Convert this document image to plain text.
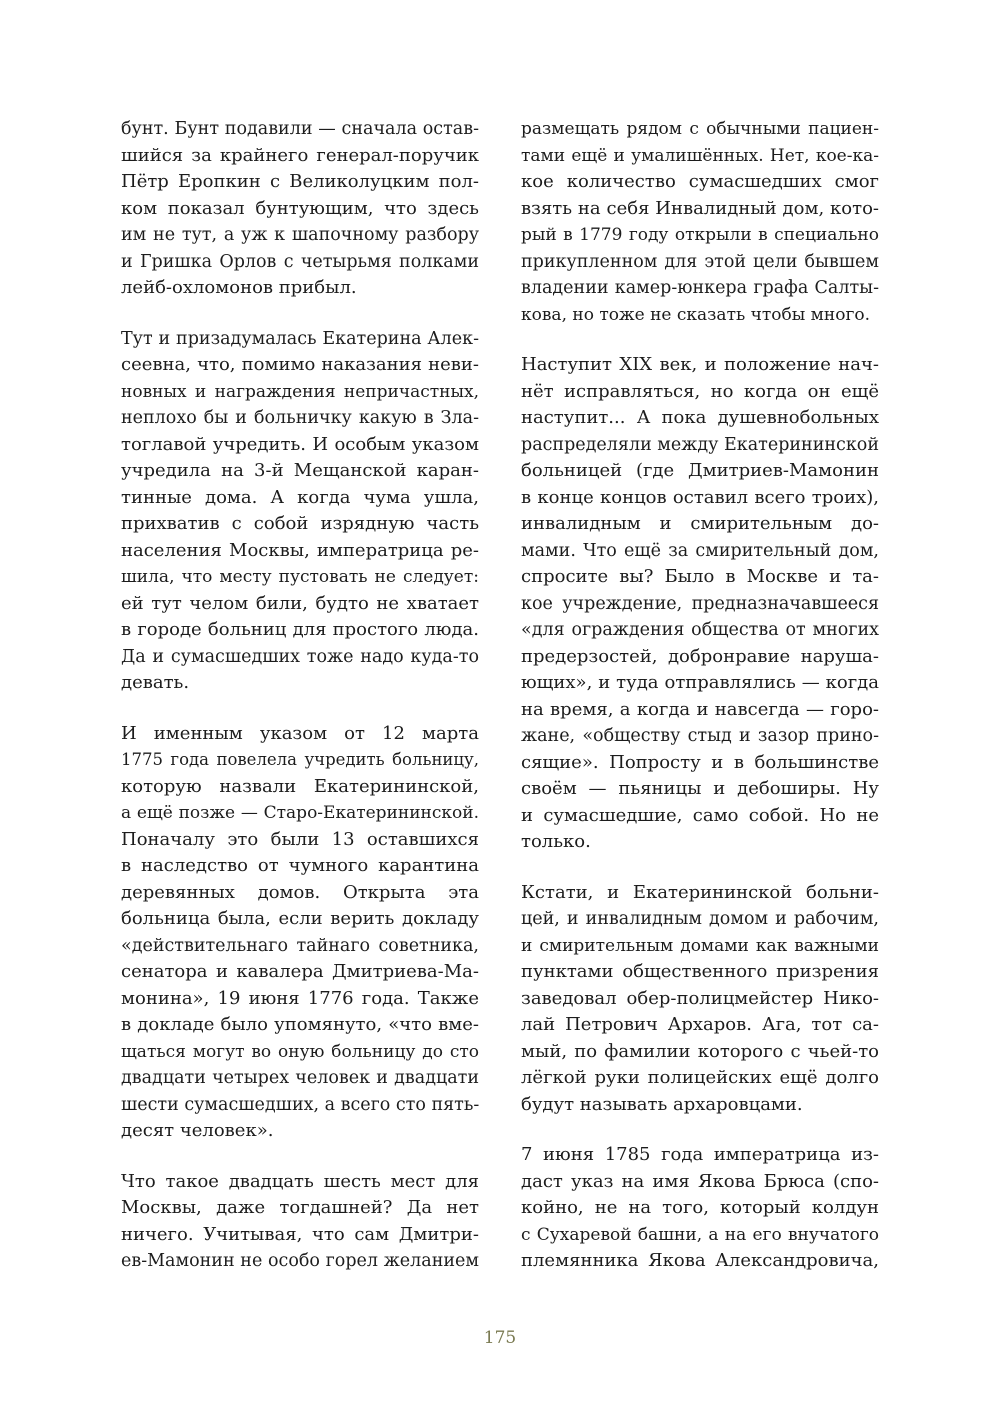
бунт. Бунт подавили — сначала остав-
шийся за крайнего генерал-поручик
Пётр Еропкин с Великолуцким пол-
ком показал бунтующим, что здесь
им не тут, а уж к шапочному разбору
и Гришка Орлов с четырьмя полками
лейб-охломонов прибыл.
Тут и призадумалась Екатерина Алек-
сеевна, что, помимо наказания неви-
новных и награждения непричастных,
неплохо бы и больничку какую в Зла-
тоглавой учредить. И особым указом
учредила на 3-й Мещанской каран-
тинные дома. А когда чума ушла,
прихватив с собой изрядную часть
населения Москвы, императрица ре-
шила, что месту пустовать не следует:
ей тут челом били, будто не хватает
в городе больниц для простого люда.
Да и сумасшедших тоже надо куда-то
девать.
И именным указом от 12 марта
1775 года повелела учредить больницу,
которую назвали Екатерининской,
а ещё позже — Старо-Екатерининской.
Поначалу это были 13 оставшихся
в наследство от чумного карантина
деревянных домов. Открыта эта
больница была, если верить докладу
«действительнаго тайнаго советника,
сенатора и кавалера Дмитриева-Ма-
монина», 19 июня 1776 года. Также
в докладе было упомянуто, «что вме-
щаться могут во оную больницу до сто
двадцати четырех человек и двадцати
шести сумасшедших, а всего сто пять-
десят человек».
Что такое двадцать шесть мест для
Москвы, даже тогдашней? Да нет
ничего. Учитывая, что сам Дмитри-
ев-Мамонин не особо горел желанием
размещать рядом с обычными пациен-
тами ещё и умалишённых. Нет, кое-ка-
кое количество сумасшедших смог
взять на себя Инвалидный дом, кото-
рый в 1779 году открыли в специально
прикупленном для этой цели бывшем
владении камер-юнкера графа Салты-
кова, но тоже не сказать чтобы много.
Наступит XIX век, и положение нач-
нёт исправляться, но когда он ещё
наступит... А пока душевнобольных
распределяли между Екатерининской
больницей (где Дмитриев-Мамонин
в конце концов оставил всего троих),
инвалидным и смирительным до-
мами. Что ещё за смирительный дом,
спросите вы? Было в Москве и та-
кое учреждение, предназначавшееся
«для ограждения общества от многих
предерзостей, добронравие наруша-
ющих», и туда отправлялись — когда
на время, а когда и навсегда — горо-
жане, «обществу стыд и зазор прино-
сящие». Попросту и в большинстве
своём — пьяницы и дебоширы. Ну
и сумасшедшие, само собой. Но не
только.
Кстати, и Екатерининской больни-
цей, и инвалидным домом и рабочим,
и смирительным домами как важными
пунктами общественного призрения
заведовал обер-полицмейстер Нико-
лай Петрович Архаров. Ага, тот са-
мый, по фамилии которого с чьей-то
лёгкой руки полицейских ещё долго
будут называть архаровцами.
7 июня 1785 года императрица из-
даст указ на имя Якова Брюса (спо-
койно, не на того, который колдун
с Сухаревой башни, а на его внучатого
племянника Якова Александровича,
175
